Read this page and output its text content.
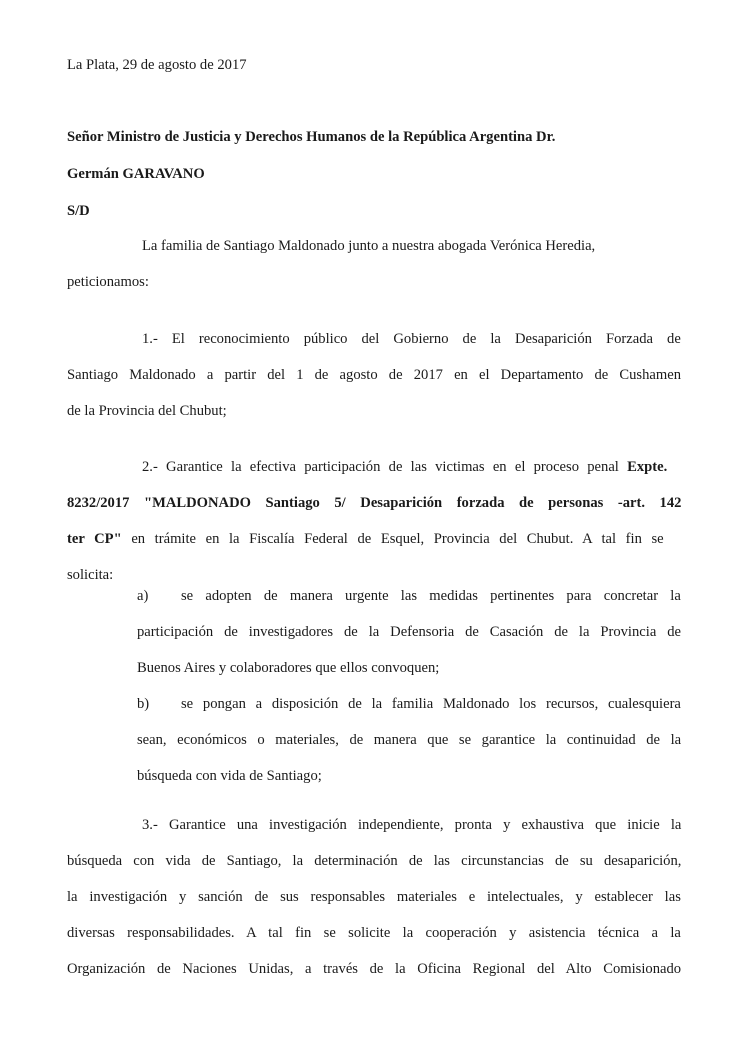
La Plata, 29 de agosto de 2017
Señor Ministro de Justicia y Derechos Humanos de la República Argentina Dr.
Germán GARAVANO
S/D
La familia de Santiago Maldonado junto a nuestra abogada Verónica Heredia,
peticionamos:
1.- El reconocimiento público del Gobierno de la Desaparición Forzada de
Santiago Maldonado a partir del 1 de agosto de 2017 en el Departamento de Cushamen
de la Provincia del Chubut;
2.- Garantice la efectiva participación de las victimas en el proceso penal Expte.
8232/2017 "MALDONADO Santiago 5/ Desaparición forzada de personas -art. 142
ter CP" en trámite en la Fiscalía Federal de Esquel, Provincia del Chubut. A tal fin se
solicita:
a) se adopten de manera urgente las medidas pertinentes para concretar la
participación de investigadores de la Defensoria de Casación de la Provincia de
Buenos Aires y colaboradores que ellos convoquen;
b) se pongan a disposición de la familia Maldonado los recursos, cualesquiera
sean, económicos o materiales, de manera que se garantice la continuidad de la
búsqueda con vida de Santiago;
3.- Garantice una investigación independiente, pronta y exhaustiva que inicie la
búsqueda con vida de Santiago, la determinación de las circunstancias de su desaparición,
la investigación y sanción de sus responsables materiales e intelectuales, y establecer las
diversas responsabilidades. A tal fin se solicite la cooperación y asistencia técnica a la
Organización de Naciones Unidas, a través de la Oficina Regional del Alto Comisionado
